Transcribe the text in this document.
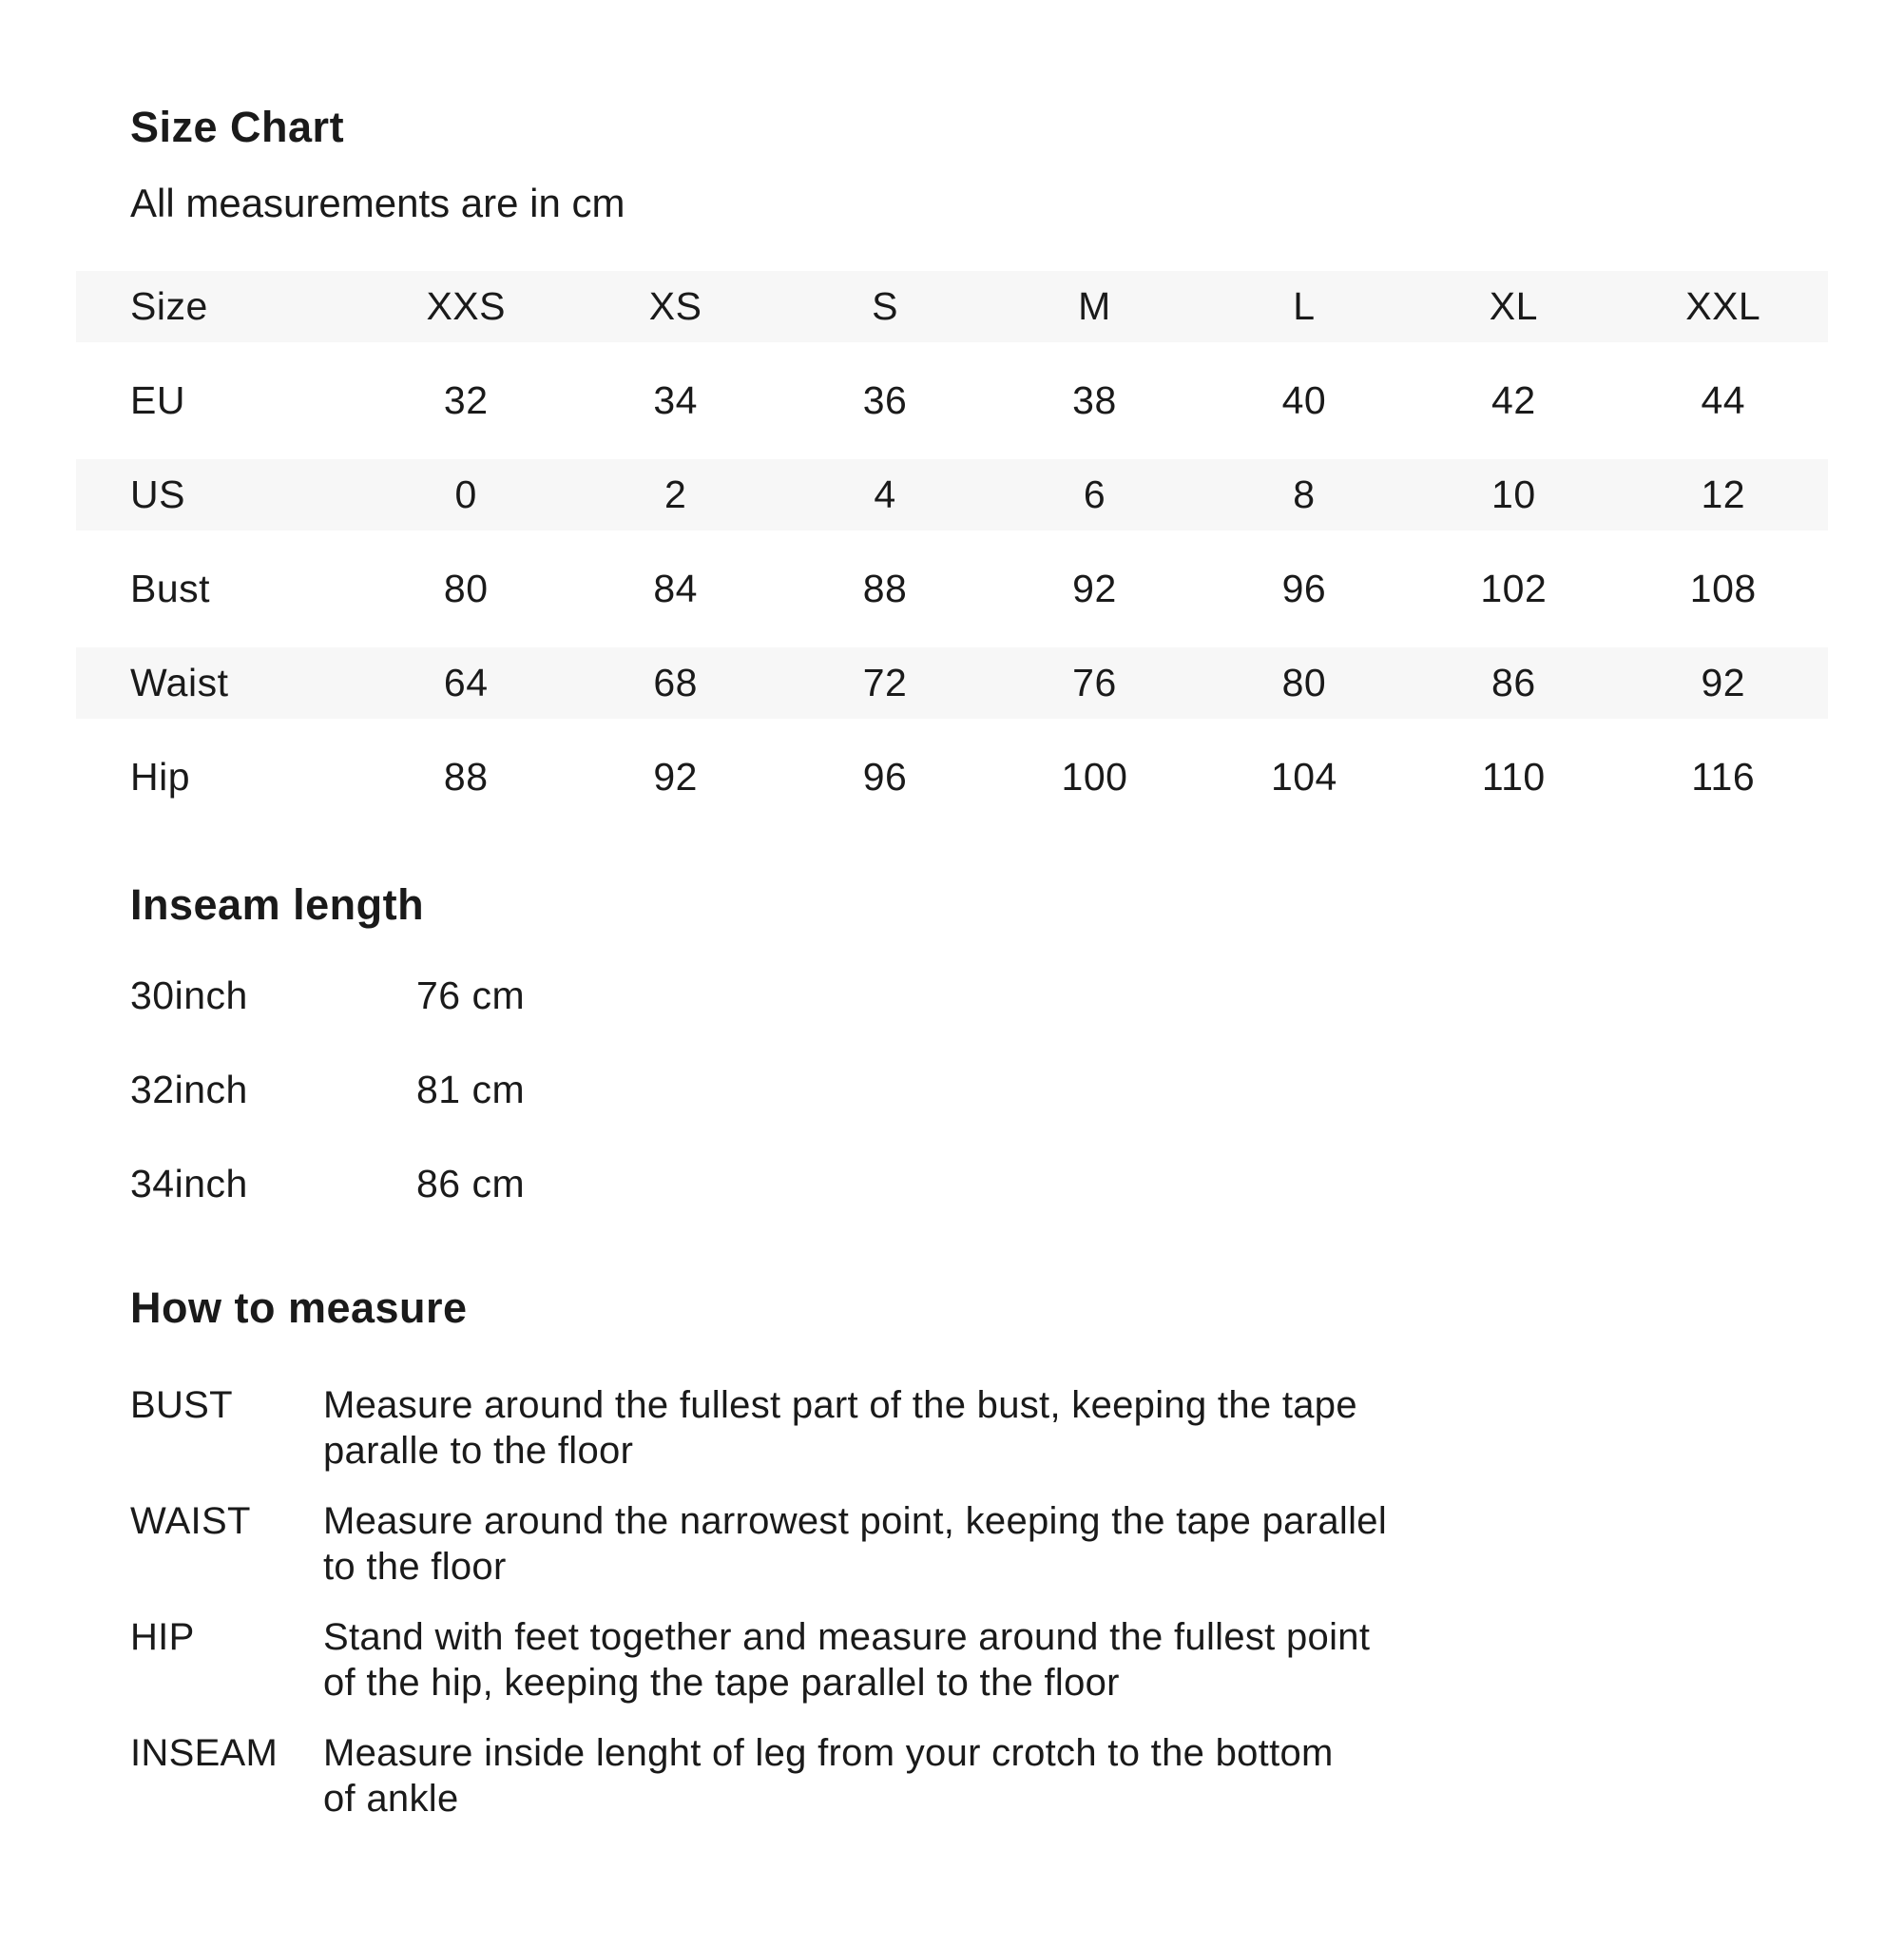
Size Chart

All measurements are in cm

Size	XXS	XS	S	M	L	XL	XXL
EU	32	34	36	38	40	42	44
US	0	2	4	6	8	10	12
Bust	80	84	88	92	96	102	108
Waist	64	68	72	76	80	86	92
Hip	88	92	96	100	104	110	116
Inseam length
30inch	76 cm
32inch	81 cm
34inch	86 cm
How to measure
BUST	Measure around the fullest part of the bust, keeping the tape
paralle to the floor
WAIST	Measure around the narrowest point, keeping the tape parallel
to the floor
HIP	Stand with feet together and measure around the fullest point
of the hip, keeping the tape parallel to the floor
INSEAM	Measure inside lenght of leg from your crotch to the bottom
of ankle
